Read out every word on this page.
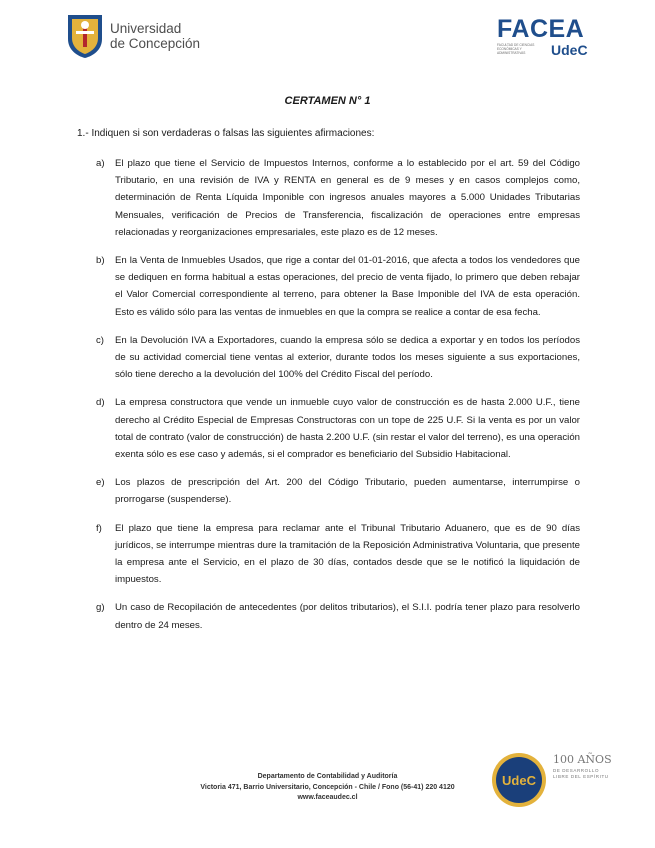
Universidad
de Concepción
FACEA
FACULTAD DE CIENCIAS ECONÓMICAS Y ADMINISTRATIVAS	UdeC
CERTAMEN N° 1
1.- Indiquen si son verdaderas o falsas las siguientes afirmaciones:
a) El plazo que tiene el Servicio de Impuestos Internos, conforme a lo establecido por el art. 59 del Código Tributario, en una revisión de IVA y RENTA en general es de 9 meses y en casos complejos como, determinación de Renta Líquida Imponible con ingresos anuales mayores a 5.000 Unidades Tributarias Mensuales, verificación de Precios de Transferencia, fiscalización de operaciones entre empresas relacionadas y reorganizaciones empresariales, este plazo es de 12 meses.
b) En la Venta de Inmuebles Usados, que rige a contar del 01-01-2016, que afecta a todos los vendedores que se dediquen en forma habitual a estas operaciones, del precio de venta fijado, lo primero que deben rebajar el Valor Comercial correspondiente al terreno, para obtener la Base Imponible del IVA de esta operación. Esto es válido sólo para las ventas de inmuebles en que la compra se realice a contar de esa fecha.
c) En la Devolución IVA a Exportadores, cuando la empresa sólo se dedica a exportar y en todos los períodos de su actividad comercial tiene ventas al exterior, durante todos los meses siguiente a sus exportaciones, sólo tiene derecho a la devolución del 100% del Crédito Fiscal del período.
d) La empresa constructora que vende un inmueble cuyo valor de construcción es de hasta 2.000 U.F., tiene derecho al Crédito Especial de Empresas Constructoras con un tope de 225 U.F. Si la venta es por un valor total de contrato (valor de construcción) de hasta 2.200 U.F. (sin restar el valor del terreno), es una operación exenta sólo es ese caso y además, si el comprador es beneficiario del Subsidio Habitacional.
e) Los plazos de prescripción del Art. 200 del Código Tributario, pueden aumentarse, interrumpirse o prorrogarse (suspenderse).
f) El plazo que tiene la empresa para reclamar ante el Tribunal Tributario Aduanero, que es de 90 días jurídicos, se interrumpe mientras dure la tramitación de la Reposición Administrativa Voluntaria, que presente la empresa ante el Servicio, en el plazo de 30 días, contados desde que se le notificó la liquidación de impuestos.
g) Un caso de Recopilación de antecedentes (por delitos tributarios), el S.I.I. podría tener plazo para resolverlo dentro de 24 meses.
Departamento de Contabilidad y Auditoría
Victoria 471, Barrio Universitario, Concepción - Chile / Fono (56-41) 220 4120
www.faceaudec.cl
UdeC
100 AÑOS
DE DESARROLLO LIBRE DEL ESPÍRITU
